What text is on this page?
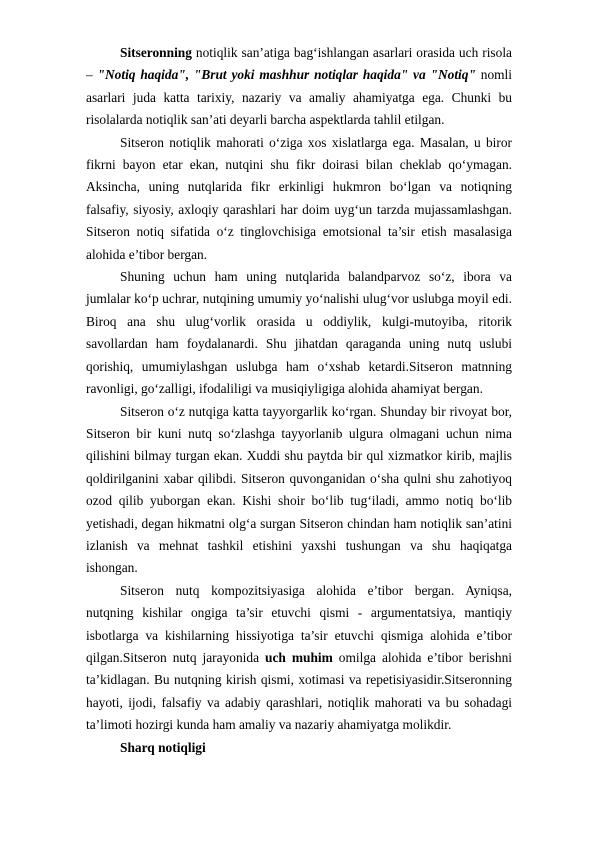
Sitseronning notiqlik san’atiga bag‘ishlangan asarlari orasida uch risola – "Notiq haqida", "Brut yoki mashhur notiqlar haqida" va "Notiq" nomli asarlari juda katta tarixiy, nazariy va amaliy ahamiyatga ega. Chunki bu risolalarda notiqlik san’ati deyarli barcha aspektlarda tahlil etilgan.

Sitseron notiqlik mahorati o‘ziga xos xislatlarga ega. Masalan, u biror fikrni bayon etar ekan, nutqini shu fikr doirasi bilan cheklab qo‘ymagan. Aksincha, uning nutqlarida fikr erkinligi hukmron bo‘lgan va notiqning falsafiy, siyosiy, axloqiy qarashlari har doim uyg‘un tarzda mujassamlashgan. Sitseron notiq sifatida o‘z tinglovchisiga emotsional ta’sir etish masalasiga alohida e’tibor bergan.

Shuning uchun ham uning nutqlarida balandparvoz so‘z, ibora va jumlalar ko‘p uchrar, nutqining umumiy yo‘nalishi ulug‘vor uslubga moyil edi. Biroq ana shu ulug‘vorlik orasida u oddiylik, kulgi-mutoyiba, ritorik savollardan ham foydalanardi. Shu jihatdan qaraganda uning nutq uslubi qorishiq, umumiylashgan uslubga ham o‘xshab ketardi.Sitseron matnning ravonligi, go‘zalligi, ifodaliligi va musiqiyligiga alohida ahamiyat bergan.

Sitseron o‘z nutqiga katta tayyorgarlik ko‘rgan. Shunday bir rivoyat bor, Sitseron bir kuni nutq so‘zlashga tayyorlanib ulgura olmagani uchun nima qilishini bilmay turgan ekan. Xuddi shu paytda bir qul xizmatkor kirib, majlis qoldirilganini xabar qilibdi. Sitseron quvonganidan o‘sha qulni shu zahotiyoq ozod qilib yuborgan ekan. Kishi shoir bo‘lib tug‘iladi, ammo notiq bo‘lib yetishadi, degan hikmatni olg‘a surgan Sitseron chindan ham notiqlik san’atini izlanish va mehnat tashkil etishini yaxshi tushungan va shu haqiqatga ishongan.

Sitseron nutq kompozitsiyasiga alohida e’tibor bergan. Ayniqsa, nutqning kishilar ongiga ta’sir etuvchi qismi - argumentatsiya, mantiqiy isbotlarga va kishilarning hissiyotiga ta’sir etuvchi qismiga alohida e’tibor qilgan.Sitseron nutq jarayonida uch muhim omilga alohida e’tibor berishni ta’kidlagan. Bu nutqning kirish qismi, xotimasi va repetisiyasidir.Sitseronning hayoti, ijodi, falsafiy va adabiy qarashlari, notiqlik mahorati va bu sohadagi ta’limoti hozirgi kunda ham amaliy va nazariy ahamiyatga molikdir.

Sharq notiqligi
